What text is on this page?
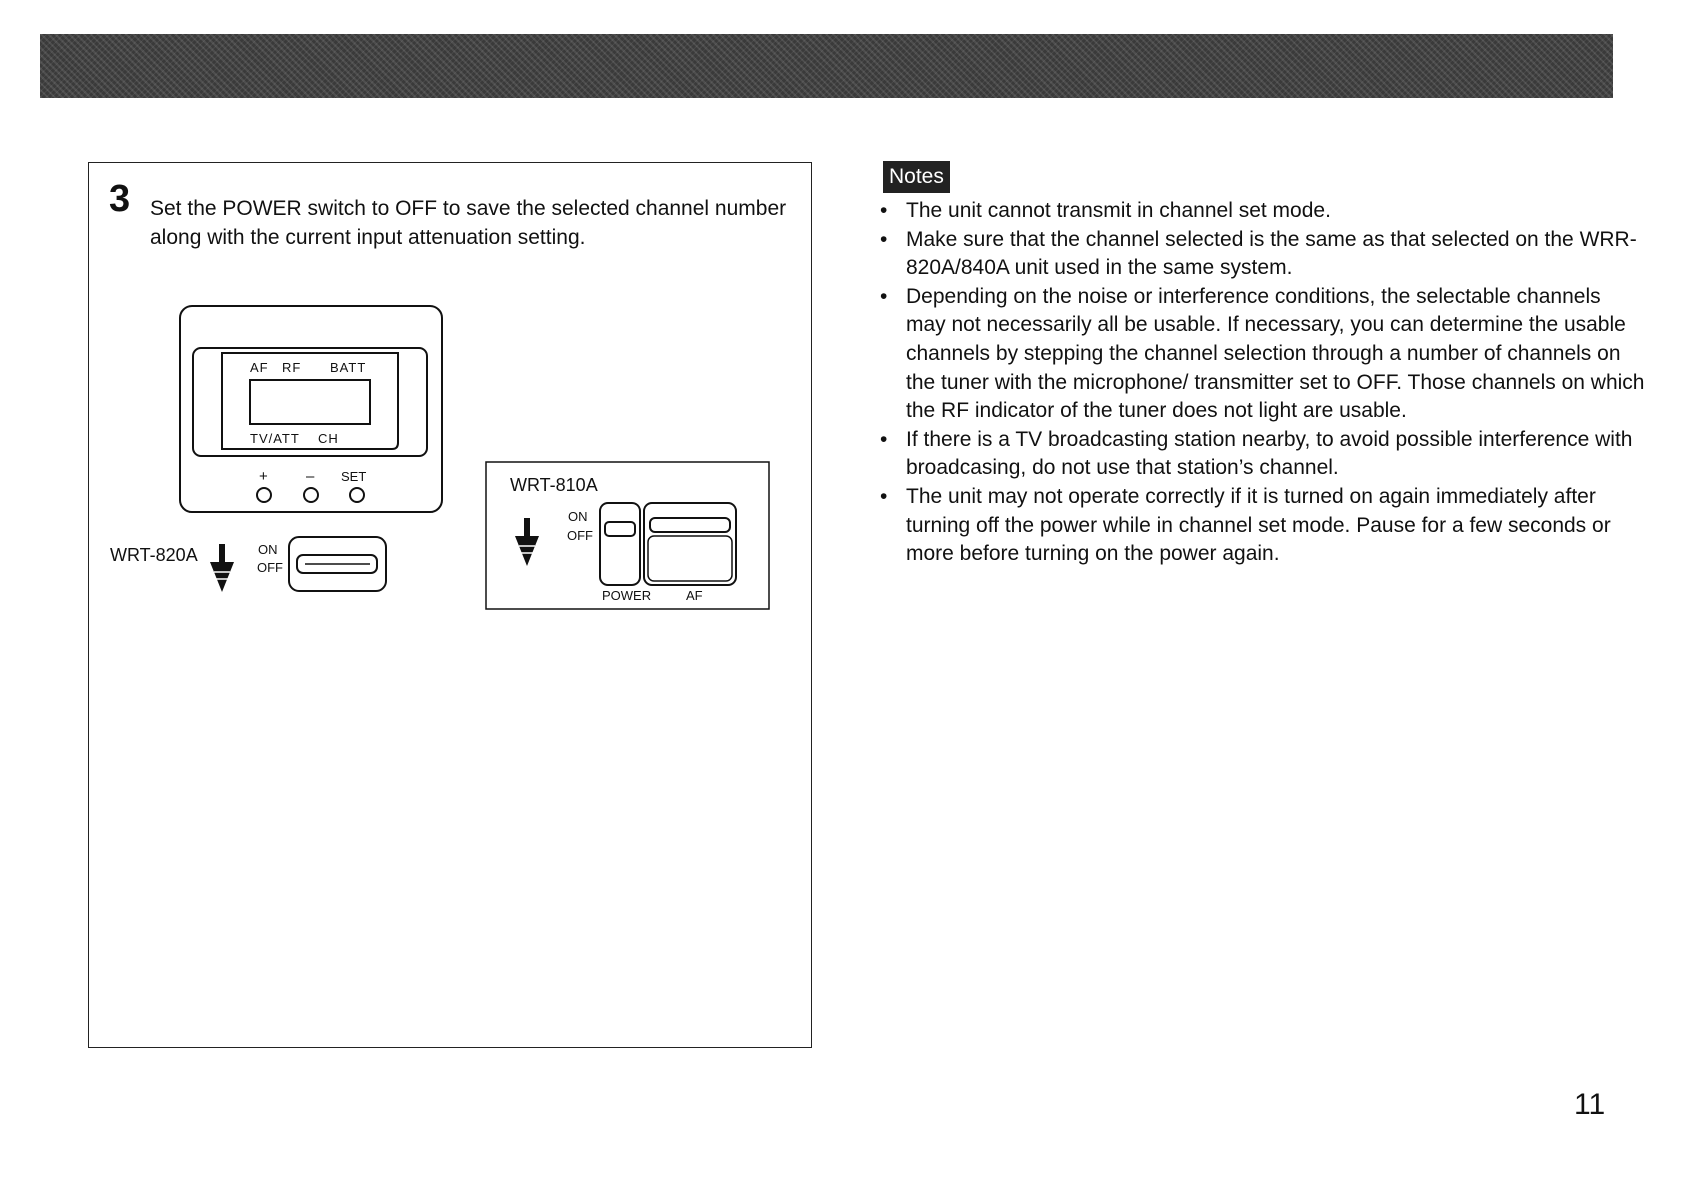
3 Set the POWER switch to OFF to save the selected channel number along with the current input attenuation setting.

AF RF BATT
TV/ATT CH
+	– SET
WRT-820A	ON
OFF
WRT-810A
ON
OFF
POWER	AF
Notes
• The unit cannot transmit in channel set mode.
• Make sure that the channel selected is the same as that selected on the WRR-820A/840A unit used in the same system.
• Depending on the noise or interference conditions, the selectable channels may not necessarily all be usable. If necessary, you can determine the usable channels by stepping the channel selection through a number of channels on the tuner with the microphone/ transmitter set to OFF. Those channels on which the RF indicator of the tuner does not light are usable.
• If there is a TV broadcasting station nearby, to avoid possible interference with broadcasing, do not use that station’s channel.
• The unit may not operate correctly if it is turned on again immediately after turning off the power while in channel set mode. Pause for a few seconds or more before turning on the power again.
11
